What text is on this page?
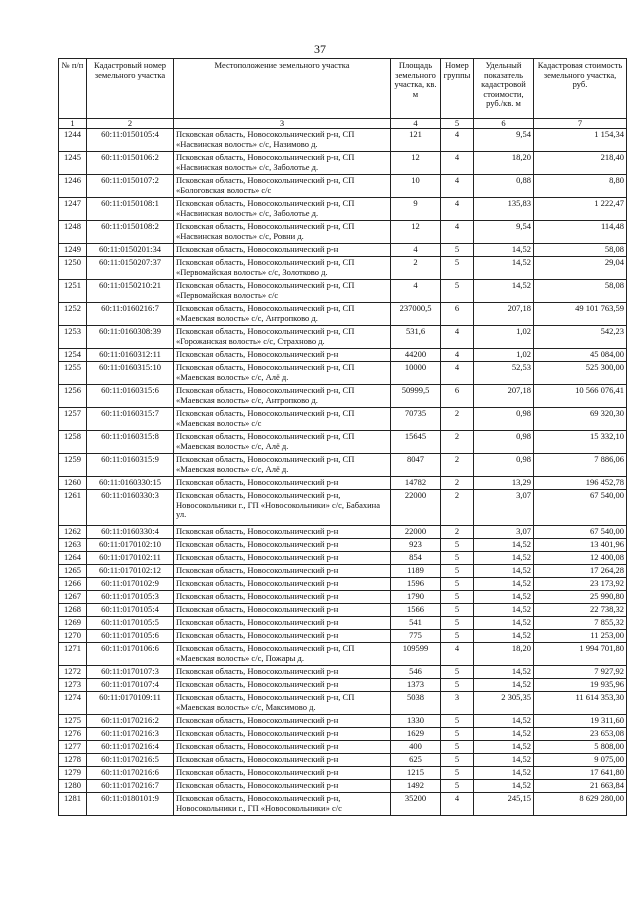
37
№ п/п	Кадастровый номер земельного участка	Местоположение земельного участка	Площадь земельного участка, кв. м	Номер группы	Удельный показатель кадастровой стоимости, руб./кв. м	Кадастровая стоимость земельного участка, руб.
1	2	3	4	5	6	7
1244	60:11:0150105:4	Псковская область, Новосокольнический р-н, СП «Насвинская волость» с/с, Назимово д.	121	4	9,54	1 154,34
1245	60:11:0150106:2	Псковская область, Новосокольнический р-н, СП «Насвинская волость» с/с, Заболотье д.	12	4	18,20	218,40
1246	60:11:0150107:2	Псковская область, Новосокольнический р-н, СП «Бологовская волость» с/с	10	4	0,88	8,80
1247	60:11:0150108:1	Псковская область, Новосокольнический р-н, СП «Насвинская волость» с/с, Заболотье д.	9	4	135,83	1 222,47
1248	60:11:0150108:2	Псковская область, Новосокольнический р-н, СП «Насвинская волость» с/с, Ровни д.	12	4	9,54	114,48
1249	60:11:0150201:34	Псковская область, Новосокольнический р-н	4	5	14,52	58,08
1250	60:11:0150207:37	Псковская область, Новосокольнический р-н, СП «Первомайская волость» с/с, Золотково д.	2	5	14,52	29,04
1251	60:11:0150210:21	Псковская область, Новосокольнический р-н, СП «Первомайская волость» с/с	4	5	14,52	58,08
1252	60:11:0160216:7	Псковская область, Новосокольнический р-н, СП «Маевская волость» с/с, Антропково д.	237000,5	6	207,18	49 101 763,59
1253	60:11:0160308:39	Псковская область, Новосокольнический р-н, СП «Горожанская волость» с/с, Страхново д.	531,6	4	1,02	542,23
1254	60:11:0160312:11	Псковская область, Новосокольнический р-н	44200	4	1,02	45 084,00
1255	60:11:0160315:10	Псковская область, Новосокольнический р-н, СП «Маевская волость» с/с, Алё д.	10000	4	52,53	525 300,00
1256	60:11:0160315:6	Псковская область, Новосокольнический р-н, СП «Маевская волость» с/с, Антропково д.	50999,5	6	207,18	10 566 076,41
1257	60:11:0160315:7	Псковская область, Новосокольнический р-н, СП «Маевская волость» с/с	70735	2	0,98	69 320,30
1258	60:11:0160315:8	Псковская область, Новосокольнический р-н, СП «Маевская волость» с/с, Алё д.	15645	2	0,98	15 332,10
1259	60:11:0160315:9	Псковская область, Новосокольнический р-н, СП «Маевская волость» с/с, Алё д.	8047	2	0,98	7 886,06
1260	60:11:0160330:15	Псковская область, Новосокольнический р-н	14782	2	13,29	196 452,78
1261	60:11:0160330:3	Псковская область, Новосокольнический р-н, Новосокольники г., ГП «Новосокольники» с/с, Бабахина ул.	22000	2	3,07	67 540,00
1262	60:11:0160330:4	Псковская область, Новосокольнический р-н	22000	2	3,07	67 540,00
1263	60:11:0170102:10	Псковская область, Новосокольнический р-н	923	5	14,52	13 401,96
1264	60:11:0170102:11	Псковская область, Новосокольнический р-н	854	5	14,52	12 400,08
1265	60:11:0170102:12	Псковская область, Новосокольнический р-н	1189	5	14,52	17 264,28
1266	60:11:0170102:9	Псковская область, Новосокольнический р-н	1596	5	14,52	23 173,92
1267	60:11:0170105:3	Псковская область, Новосокольнический р-н	1790	5	14,52	25 990,80
1268	60:11:0170105:4	Псковская область, Новосокольнический р-н	1566	5	14,52	22 738,32
1269	60:11:0170105:5	Псковская область, Новосокольнический р-н	541	5	14,52	7 855,32
1270	60:11:0170105:6	Псковская область, Новосокольнический р-н	775	5	14,52	11 253,00
1271	60:11:0170106:6	Псковская область, Новосокольнический р-н, СП «Маевская волость» с/с, Пожары д.	109599	4	18,20	1 994 701,80
1272	60:11:0170107:3	Псковская область, Новосокольнический р-н	546	5	14,52	7 927,92
1273	60:11:0170107:4	Псковская область, Новосокольнический р-н	1373	5	14,52	19 935,96
1274	60:11:0170109:11	Псковская область, Новосокольнический р-н, СП «Маевская волость» с/с, Максимово д.	5038	3	2 305,35	11 614 353,30
1275	60:11:0170216:2	Псковская область, Новосокольнический р-н	1330	5	14,52	19 311,60
1276	60:11:0170216:3	Псковская область, Новосокольнический р-н	1629	5	14,52	23 653,08
1277	60:11:0170216:4	Псковская область, Новосокольнический р-н	400	5	14,52	5 808,00
1278	60:11:0170216:5	Псковская область, Новосокольнический р-н	625	5	14,52	9 075,00
1279	60:11:0170216:6	Псковская область, Новосокольнический р-н	1215	5	14,52	17 641,80
1280	60:11:0170216:7	Псковская область, Новосокольнический р-н	1492	5	14,52	21 663,84
1281	60:11:0180101:9	Псковская область, Новосокольнический р-н, Новосокольники г., ГП «Новосокольники» с/с	35200	4	245,15	8 629 280,00
